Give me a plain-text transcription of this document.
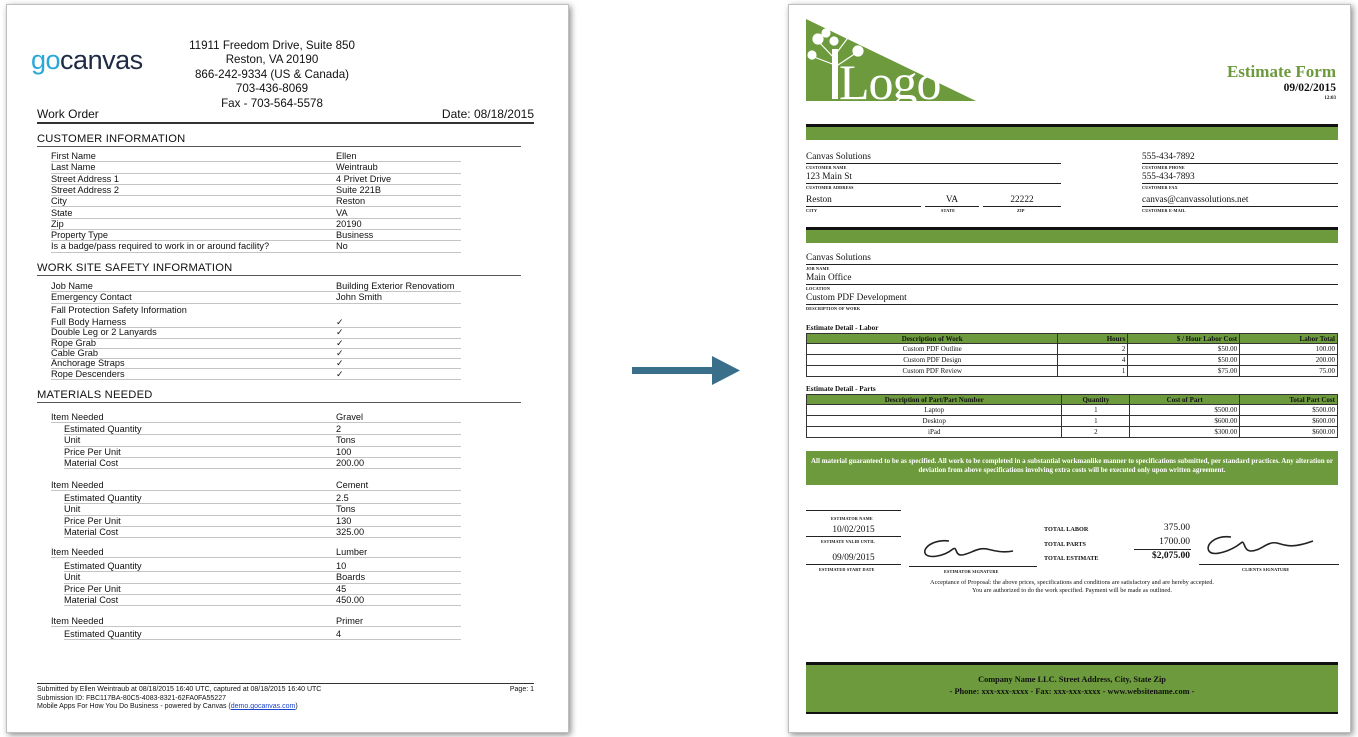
gocanvas	11911 Freedom Drive, Suite 850
Reston, VA 20190
866-242-9334 (US & Canada)
703-436-8069
Fax - 703-564-5578
Work Order	Date: 08/18/2015
CUSTOMER INFORMATION
First Name	Ellen
Last Name	Weintraub
Street Address 1	4 Privet Drive
Street Address 2	Suite 221B
City	Reston
State	VA
Zip	20190
Property Type	Business
Is a badge/pass required to work in or around facility?	No
WORK SITE SAFETY INFORMATION
Job Name	Building Exterior Renovatiom
Emergency Contact	John Smith
Fall Protection Safety Information
Full Body Harness	✓
Double Leg or 2 Lanyards	✓
Rope Grab	✓
Cable Grab	✓
Anchorage Straps	✓
Rope Descenders	✓
MATERIALS NEEDED
Item Needed	Gravel
Estimated Quantity	2
Unit	Tons
Price Per Unit	100
Material Cost	200.00
Item Needed	Cement
Estimated Quantity	2.5
Unit	Tons
Price Per Unit	130
Material Cost	325.00
Item Needed	Lumber
Estimated Quantity	10
Unit	Boards
Price Per Unit	45
Material Cost	450.00
Item Needed	Primer
Estimated Quantity	4
Submitted by Ellen Weintraub at 08/18/2015 16:40 UTC, captured at 08/18/2015 16:40 UTC	Page: 1
Submission ID: FBC117BA-80C5-4083-8321-62FA0FA55227
Mobile Apps For How You Do Business - powered by Canvas (demo.gocanvas.com)
Logo	Estimate Form
09/02/2015
12:03
Canvas Solutions
CUSTOMER NAME
123 Main St
CUSTOMER ADDRESS
Reston
CITY
VA
STATE
22222
ZIP
555-434-7892
CUSTOMER PHONE
555-434-7893
CUSTOMER FAX
canvas@canvassolutions.net
CUSTOMER E-MAIL
Canvas Solutions
JOB NAME
Main Office
LOCATION
Custom PDF Development
DESCRIPTION OF WORK
Estimate Detail - Labor
Description of Work	Hours	$ / Hour Labor Cost	Labor Total
Custom PDF Outline	2	$50.00	100.00
Custom PDF Design	4	$50.00	200.00
Custom PDF Review	1	$75.00	75.00
Estimate Detail - Parts
Description of Part/Part Number	Quantity	Cost of Part	Total Part Cost
Laptop	1	$500.00	$500.00
Desktop	1	$600.00	$600.00
iPad	2	$300.00	$600.00
All material guaranteed to be as specified. All work to be completed in a substantial workmanlike manner to specifications submitted, per standard practices. Any alteration or deviation from above specifications involving extra costs will be executed only upon written agreement.
ESTIMATOR NAME
10/02/2015
ESTIMATE VALID UNTIL
09/09/2015
ESTIMATED START DATE	ESTIMATOR SIGNATURE
TOTAL LABOR	375.00
TOTAL PARTS	1700.00
TOTAL ESTIMATE	$2,075.00
CLIENTS SIGNATURE
Acceptance of Proposal: the above prices, specifications and conditions are satisfactory and are hereby accepted.
You are authorized to do the work specified. Payment will be made as outlined.
Company Name LLC. Street Address, City, State Zip
- Phone: xxx-xxx-xxxx - Fax: xxx-xxx-xxxx - www.websitename.com -
